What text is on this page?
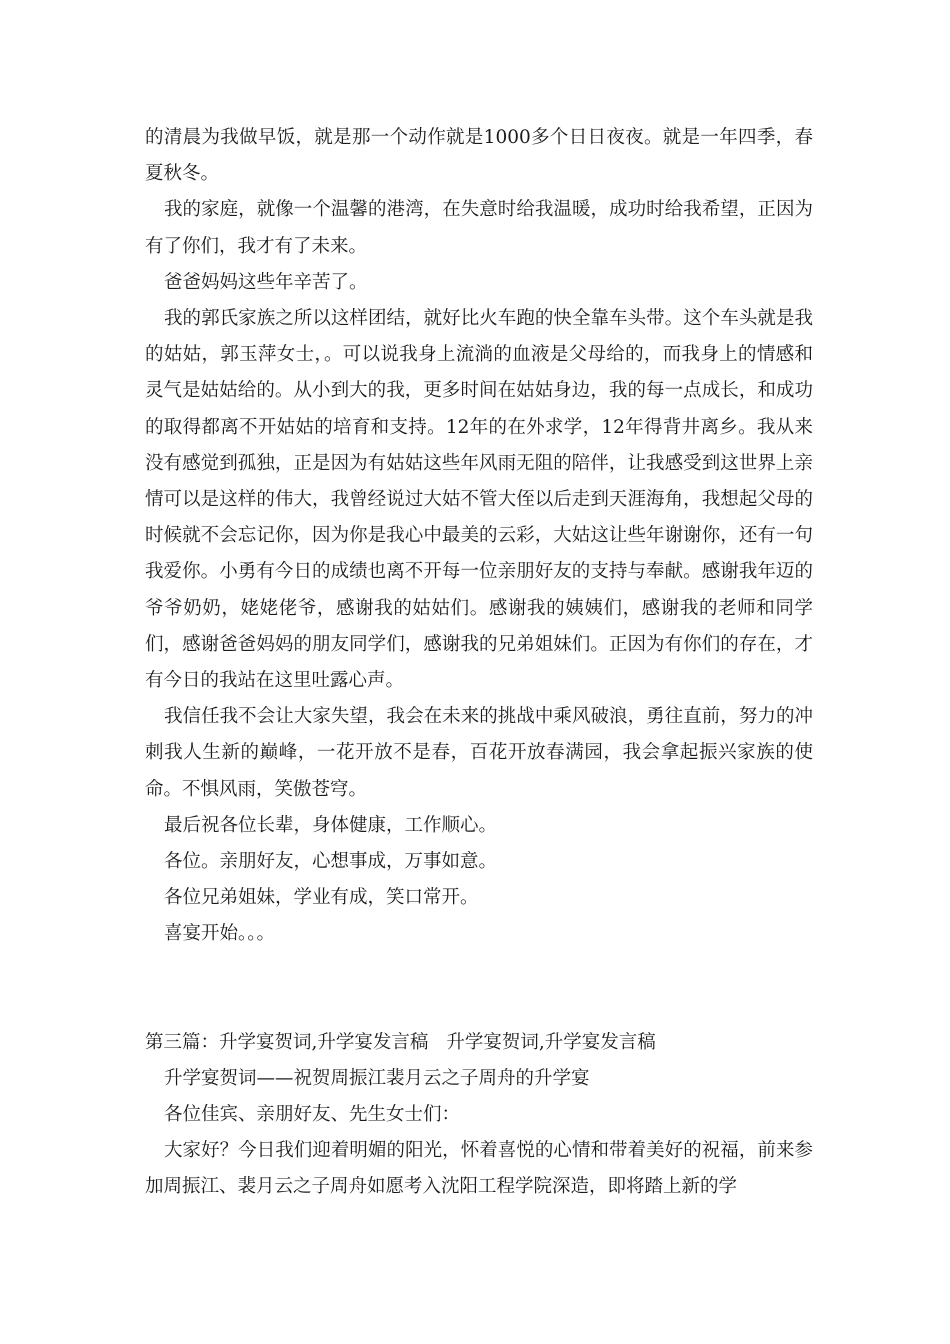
的清晨为我做早饭，就是那一个动作就是1000多个日日夜夜。就是一年四季，春夏秋冬。

我的家庭，就像一个温馨的港湾，在失意时给我温暖，成功时给我希望，正因为有了你们，我才有了未来。

爸爸妈妈这些年辛苦了。

我的郭氏家族之所以这样团结，就好比火车跑的快全靠车头带。这个车头就是我的姑姑，郭玉萍女士，。可以说我身上流淌的血液是父母给的，而我身上的情感和灵气是姑姑给的。从小到大的我，更多时间在姑姑身边，我的每一点成长，和成功的取得都离不开姑姑的培育和支持。12年的在外求学，12年得背井离乡。我从来没有感觉到孤独，正是因为有姑姑这些年风雨无阻的陪伴，让我感受到这世界上亲情可以是这样的伟大，我曾经说过大姑不管大侄以后走到天涯海角，我想起父母的时候就不会忘记你，因为你是我心中最美的云彩，大姑这让些年谢谢你，还有一句我爱你。小勇有今日的成绩也离不开每一位亲朋好友的支持与奉献。感谢我年迈的爷爷奶奶，姥姥佬爷，感谢我的姑姑们。感谢我的姨姨们，感谢我的老师和同学们，感谢爸爸妈妈的朋友同学们，感谢我的兄弟姐妹们。正因为有你们的存在，才有今日的我站在这里吐露心声。

我信任我不会让大家失望，我会在未来的挑战中乘风破浪，勇往直前，努力的冲刺我人生新的巅峰，一花开放不是春，百花开放春满园，我会拿起振兴家族的使命。不惧风雨，笑傲苍穹。

最后祝各位长辈，身体健康，工作顺心。

各位。亲朋好友，心想事成，万事如意。

各位兄弟姐妹，学业有成，笑口常开。

喜宴开始。。。

第三篇：升学宴贺词,升学宴发言稿 升学宴贺词,升学宴发言稿

升学宴贺词——祝贺周振江裴月云之子周舟的升学宴

各位佳宾、亲朋好友、先生女士们：

大家好？今日我们迎着明媚的阳光，怀着喜悦的心情和带着美好的祝福，前来参加周振江、裴月云之子周舟如愿考入沈阳工程学院深造，即将踏上新的学
